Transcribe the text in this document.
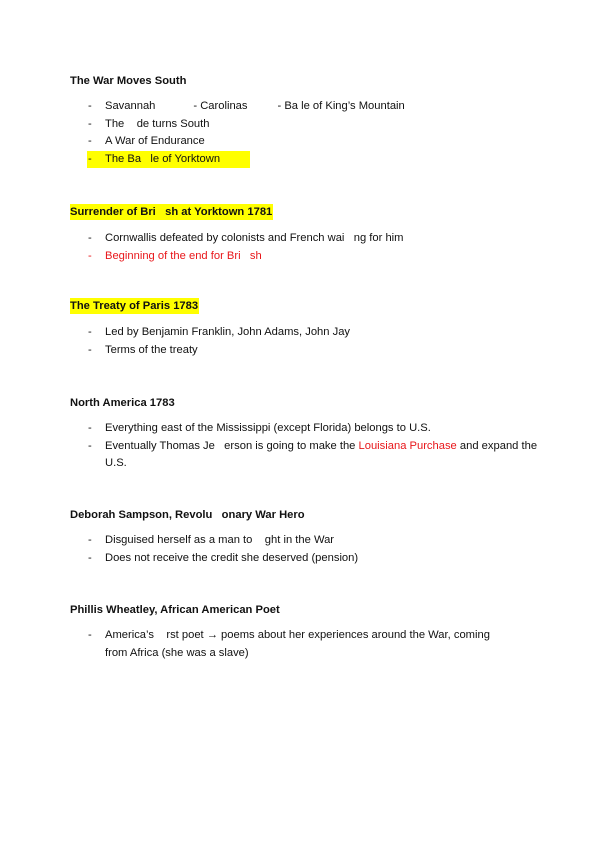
The War Moves South
- Savannah	- Carolinas	- Ba le of King’s Mountain
- The    de turns South
- A War of Endurance
- The Ba   le of Yorktown
Surrender of Bri   sh at Yorktown 1781
- Cornwallis defeated by colonists and French wai   ng for him
- Beginning of the end for Bri   sh
The Treaty of Paris 1783
- Led by Benjamin Franklin, John Adams, John Jay
- Terms of the treaty
North America 1783
- Everything east of the Mississippi (except Florida) belongs to U.S.
- Eventually Thomas Je   erson is going to make the Louisiana Purchase and expand the U.S.
Deborah Sampson, Revolu   onary War Hero
- Disguised herself as a man to    ght in the War
- Does not receive the credit she deserved (pension)
Phillis Wheatley, African American Poet
- America’s    rst poet → poems about her experiences around the War, coming from Africa (she was a slave)
